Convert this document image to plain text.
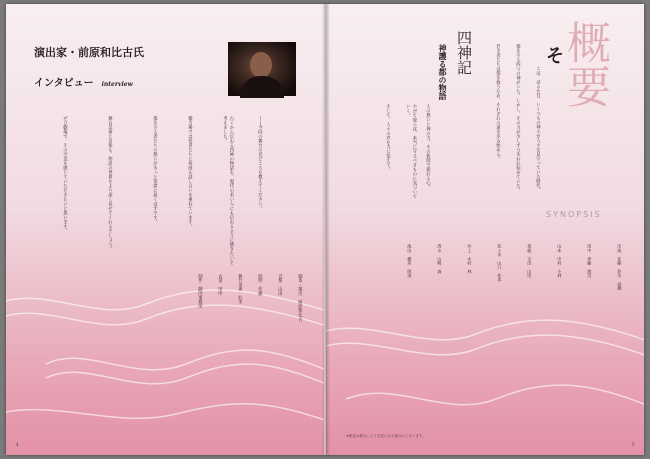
演出家・前原和比古氏
インタビュー interview
――今回の舞台の見どころを教えてください。
古くから伝わる四神の物語を、現代の若い人にも伝わるように描きたいと考えました。
稽古場では役者たちと何度も話し合いを重ねています。
都を守る者たちの想いがきっと客席に届くはずです。
舞台美術と音楽も、物語の世界をより深く見せてくれるでしょう。
ぜひ劇場で、その空気を感じていただきたいと思います。
脚本・演出　前原和比古
音楽　山田
照明　佐藤
舞台美術　鈴木
衣裳　田中
制作　劇団事務所
4
概要
四神記
神護る都の物語	そ
こは、はるか昔、いくつもの神々が人々を見守っていた時代。
都を守る四つの神がいた。しかし、その力が少しずつ失われ始めていた。
若き者たちは都を救うため、それぞれの道を歩み始める。
人の想いと神の力、その狭間で揺れる心。
やがて彼らは、本当に守るべきものに気づいていく。
そして、人々の声を力に変えて。
SYNOPSIS
出演　佐藤　鈴木　高橋
田中　伊藤　渡辺
山本　中村　小林
加藤　吉田　山田
佐々木　山口　松本
井上　木村　林
清水　山崎　森
池田　橋本　阿部
※配役は都合により変更になる場合がございます。
5
